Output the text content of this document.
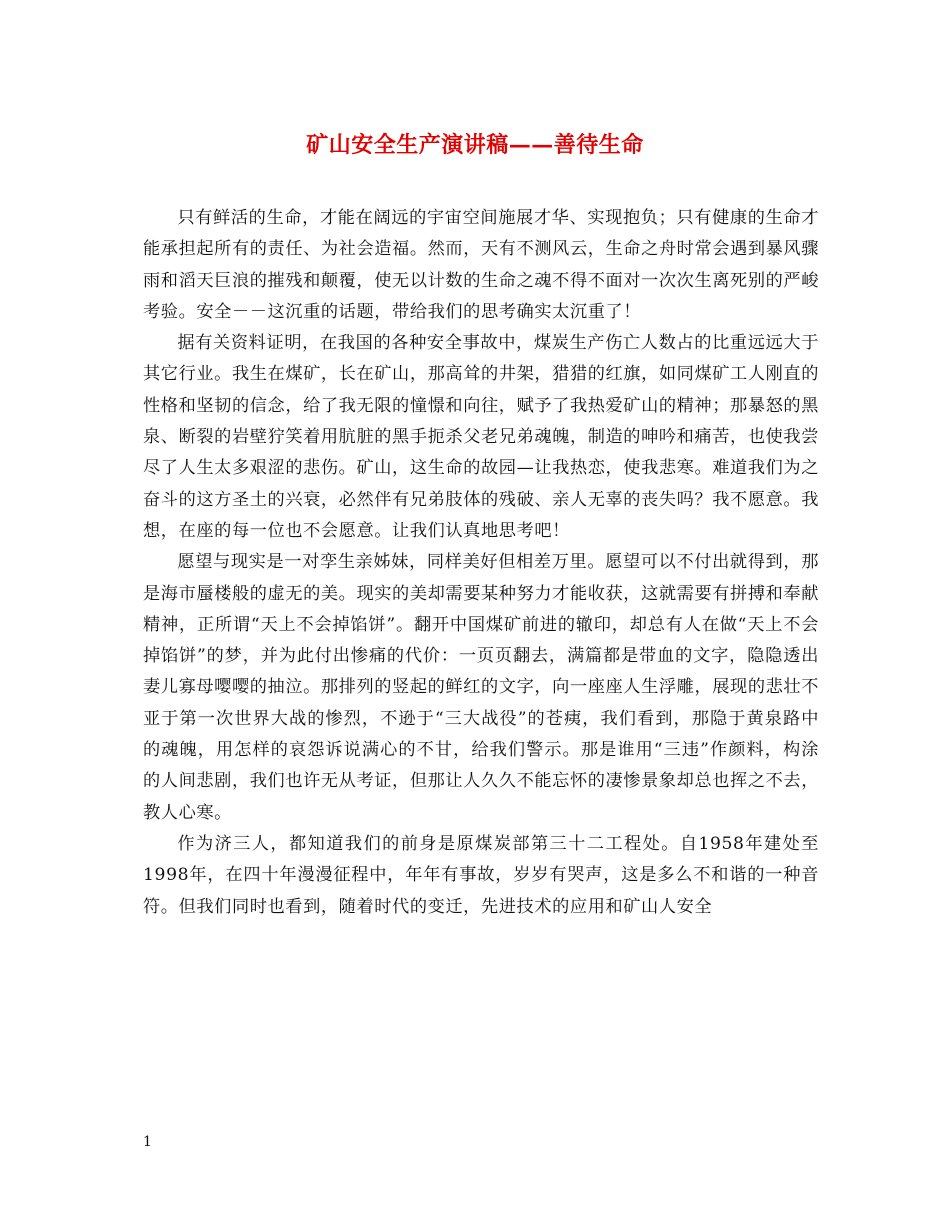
矿山安全生产演讲稿——善待生命

只有鲜活的生命，才能在阔远的宇宙空间施展才华、实现抱负；只有健康的生命才能承担起所有的责任、为社会造福。然而，天有不测风云，生命之舟时常会遇到暴风骤雨和滔天巨浪的摧残和颠覆，使无以计数的生命之魂不得不面对一次次生离死别的严峻考验。安全－－这沉重的话题，带给我们的思考确实太沉重了！

据有关资料证明，在我国的各种安全事故中，煤炭生产伤亡人数占的比重远远大于其它行业。我生在煤矿，长在矿山，那高耸的井架，猎猎的红旗，如同煤矿工人刚直的性格和坚韧的信念，给了我无限的憧憬和向往，赋予了我热爱矿山的精神；那暴怒的黑泉、断裂的岩壁狞笑着用肮脏的黑手扼杀父老兄弟魂魄，制造的呻吟和痛苦，也使我尝尽了人生太多艰涩的悲伤。矿山，这生命的故园—让我热恋，使我悲寒。难道我们为之奋斗的这方圣土的兴衰，必然伴有兄弟肢体的残破、亲人无辜的丧失吗？我不愿意。我想，在座的每一位也不会愿意。让我们认真地思考吧！

愿望与现实是一对孪生亲姊妹，同样美好但相差万里。愿望可以不付出就得到，那是海市蜃楼般的虚无的美。现实的美却需要某种努力才能收获，这就需要有拼搏和奉献精神，正所谓“天上不会掉馅饼”。翻开中国煤矿前进的辙印，却总有人在做“天上不会掉馅饼”的梦，并为此付出惨痛的代价：一页页翻去，满篇都是带血的文字，隐隐透出妻儿寡母嘤嘤的抽泣。那排列的竖起的鲜红的文字，向一座座人生浮雕，展现的悲壮不亚于第一次世界大战的惨烈，不逊于“三大战役”的苍痍，我们看到，那隐于黄泉路中的魂魄，用怎样的哀怨诉说满心的不甘，给我们警示。那是谁用“三违”作颜料，构涂的人间悲剧，我们也许无从考证，但那让人久久不能忘怀的凄惨景象却总也挥之不去，教人心寒。

作为济三人，都知道我们的前身是原煤炭部第三十二工程处。自1958年建处至1998年，在四十年漫漫征程中，年年有事故，岁岁有哭声，这是多么不和谐的一种音符。但我们同时也看到，随着时代的变迁，先进技术的应用和矿山人安全

1
